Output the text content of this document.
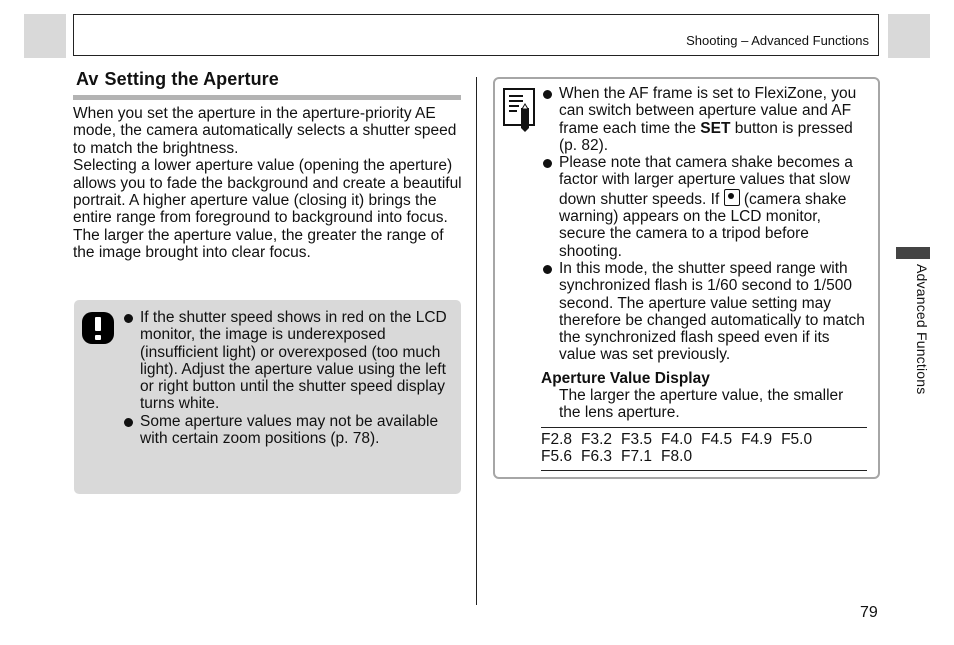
Shooting – Advanced Functions
Av Setting the Aperture

When you set the aperture in the aperture-priority AE mode, the camera automatically selects a shutter speed to match the brightness.

Selecting a lower aperture value (opening the aperture) allows you to fade the background and create a beautiful portrait. A higher aperture value (closing it) brings the entire range from foreground to background into focus. The larger the aperture value, the greater the range of the image brought into clear focus.

If the shutter speed shows in red on the LCD monitor, the image is underexposed (insufficient light) or overexposed (too much light). Adjust the aperture value using the left or right button until the shutter speed display turns white.
Some aperture values may not be available with certain zoom positions (p. 78).
When the AF frame is set to FlexiZone, you can switch between aperture value and AF frame each time the SET button is pressed (p. 82).
Please note that camera shake becomes a factor with larger aperture values that slow down shutter speeds. If  (camera shake warning) appears on the LCD monitor, secure the camera to a tripod before shooting.
In this mode, the shutter speed range with synchronized flash is 1/60 second to 1/500 second. The aperture value setting may therefore be changed automatically to match the synchronized flash speed even if its value was set previously.
Aperture Value Display
The larger the aperture value, the smaller the lens aperture.
F2.8 F3.2 F3.5 F4.0 F4.5 F4.9 F5.0
F5.6 F6.3 F7.1 F8.0
Advanced Functions
79
